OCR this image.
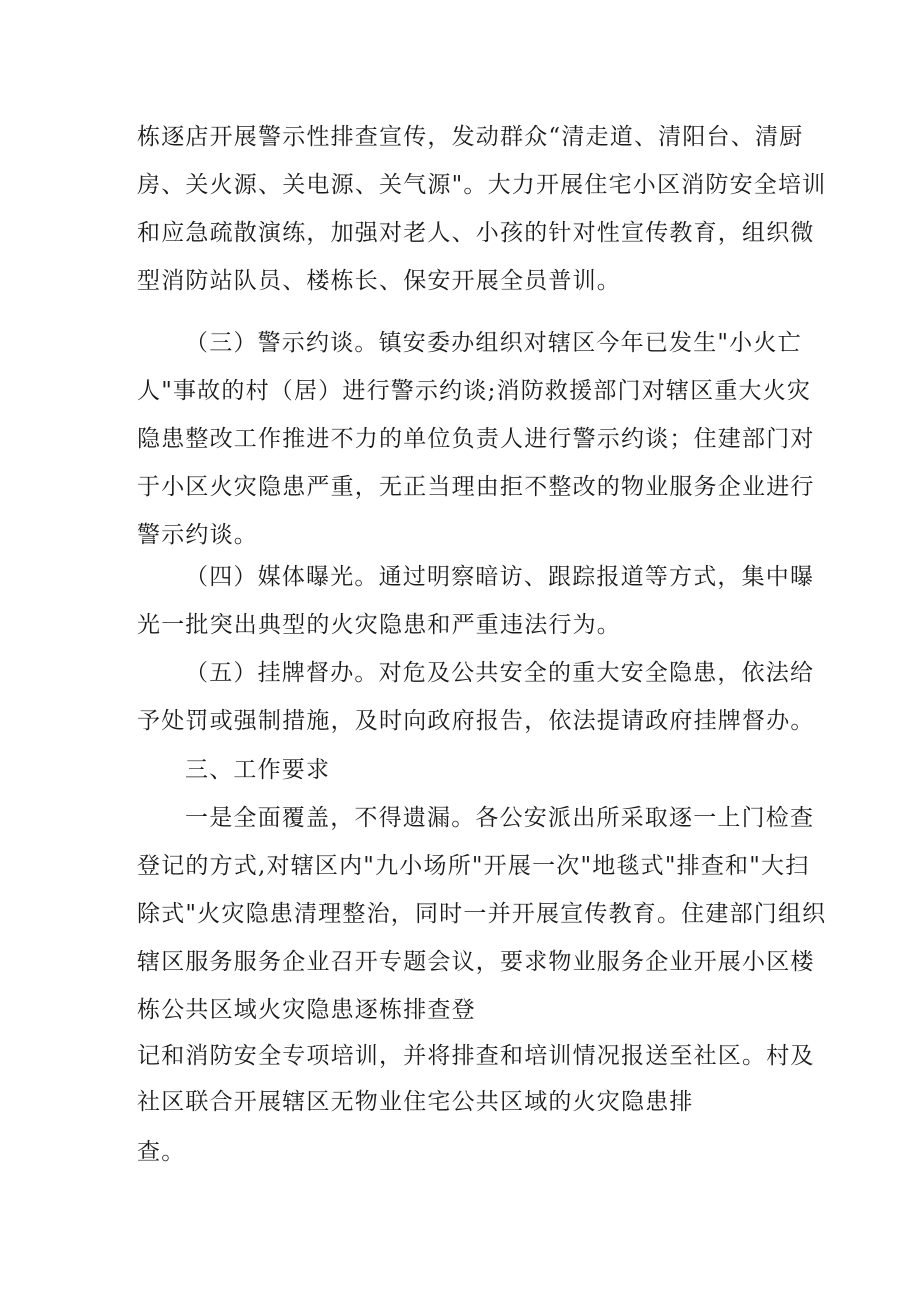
栋逐店开展警示性排查宣传，发动群众“清走道、清阳台、清厨
房、关火源、关电源、关气源"。大力开展住宅小区消防安全培训
和应急疏散演练，加强对老人、小孩的针对性宣传教育，组织微
型消防站队员、楼栋长、保安开展全员普训。
（三）警示约谈。镇安委办组织对辖区今年已发生"小火亡
人"事故的村（居）进行警示约谈;消防救援部门对辖区重大火灾
隐患整改工作推进不力的单位负责人进行警示约谈；住建部门对
于小区火灾隐患严重，无正当理由拒不整改的物业服务企业进行
警示约谈。
（四）媒体曝光。通过明察暗访、跟踪报道等方式，集中曝
光一批突出典型的火灾隐患和严重违法行为。
（五）挂牌督办。对危及公共安全的重大安全隐患，依法给
予处罚或强制措施，及时向政府报告，依法提请政府挂牌督办。
三、工作要求
一是全面覆盖，不得遗漏。各公安派出所采取逐一上门检查
登记的方式,对辖区内"九小场所"开展一次"地毯式"排查和"大扫
除式"火灾隐患清理整治，同时一并开展宣传教育。住建部门组织
辖区服务服务企业召开专题会议，要求物业服务企业开展小区楼
栋公共区域火灾隐患逐栋排查登
记和消防安全专项培训，并将排查和培训情况报送至社区。村及
社区联合开展辖区无物业住宅公共区域的火灾隐患排
查。
